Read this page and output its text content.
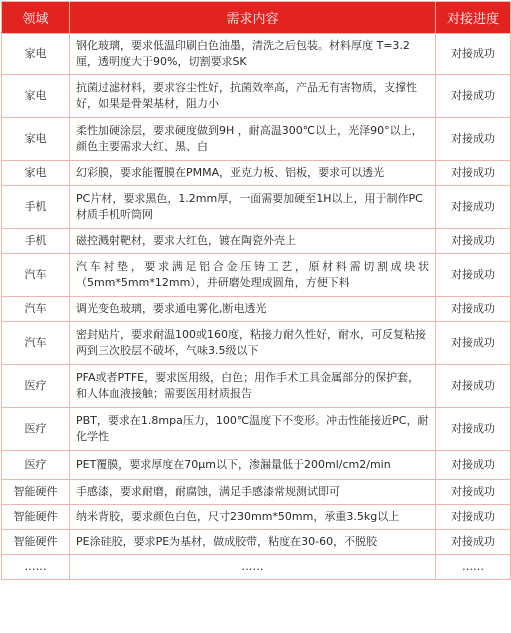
领域	需求内容	对接进度
家电	钢化玻璃，要求低温印刷白色油墨，清洗之后包装。材料厚度 T=3.2厘，透明度大于90%，切割要求SK	对接成功
家电	抗菌过滤材料，要求容尘性好，抗菌效率高，产品无有害物质，支撑性好，如果是骨架基材，阻力小	对接成功
家电	柔性加硬涂层，要求硬度做到9H ，耐高温300℃以上，光泽90°以上，颜色主要需求大红、黑、白	对接成功
家电	幻彩膜，要求能覆膜在PMMA，亚克力板、铝板，要求可以透光	对接成功
手机	PC片材，要求黑色，1.2mm厚，一面需要加硬至1H以上，用于制作PC材质手机听筒网	对接成功
手机	磁控溅射靶材，要求大红色，镀在陶瓷外壳上	对接成功
汽车	汽车衬垫，要求满足铝合金压铸工艺，原材料需切割成块状（5mm*5mm*12mm），并研磨处理成圆角，方便下料	对接成功
汽车	调光变色玻璃，要求通电雾化,断电透光	对接成功
汽车	密封贴片，要求耐温100或160度，粘接力耐久性好，耐水，可反复粘接两到三次胶层不破坏，气味3.5级以下	对接成功
医疗	PFA或者PTFE，要求医用级，白色；用作手术工具金属部分的保护套，和人体血液接触；需要医用材质报告	对接成功
医疗	PBT，要求在1.8mpa压力，100℃温度下不变形。冲击性能接近PC，耐化学性	对接成功
医疗	PET覆膜，要求厚度在70μm以下，渗漏量低于200ml/cm2/min	对接成功
智能硬件	手感漆，要求耐磨，耐腐蚀，满足手感漆常规测试即可	对接成功
智能硬件	纳米背胶，要求颜色白色，尺寸230mm*50mm，承重3.5kg以上	对接成功
智能硬件	PE涂硅胶，要求PE为基材，做成胶带，粘度在30-60，不脱胶	对接成功
……	……	……
